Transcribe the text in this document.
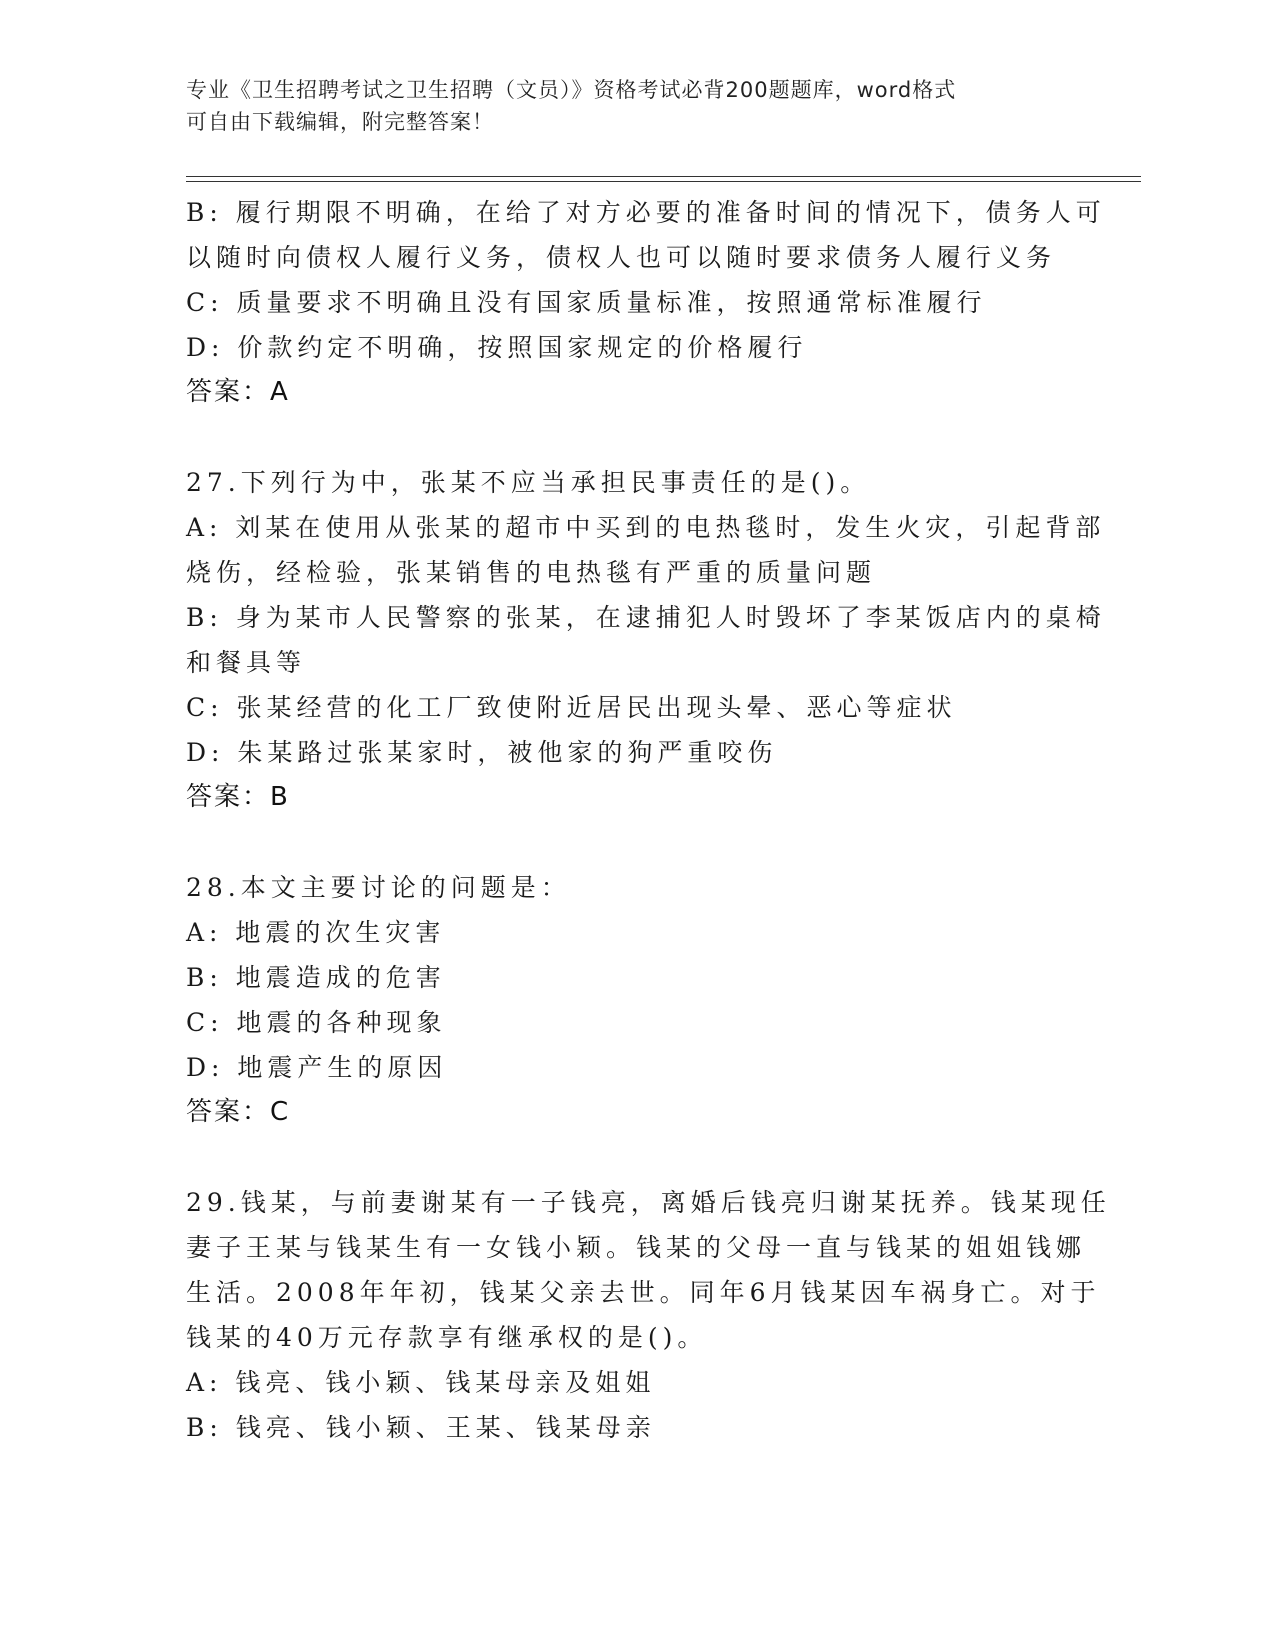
专业《卫生招聘考试之卫生招聘（文员）》资格考试必背200题题库，word格式
可自由下载编辑，附完整答案！
B: 履行期限不明确，在给了对方必要的准备时间的情况下，债务人可
以随时向债权人履行义务，债权人也可以随时要求债务人履行义务
C: 质量要求不明确且没有国家质量标准，按照通常标准履行
D: 价款约定不明确，按照国家规定的价格履行
答案：A
27.下列行为中，张某不应当承担民事责任的是()。
A: 刘某在使用从张某的超市中买到的电热毯时，发生火灾，引起背部
烧伤，经检验，张某销售的电热毯有严重的质量问题
B: 身为某市人民警察的张某，在逮捕犯人时毁坏了李某饭店内的桌椅
和餐具等
C: 张某经营的化工厂致使附近居民出现头晕、恶心等症状
D: 朱某路过张某家时，被他家的狗严重咬伤
答案：B
28.本文主要讨论的问题是：
A: 地震的次生灾害
B: 地震造成的危害
C: 地震的各种现象
D: 地震产生的原因
答案：C
29.钱某，与前妻谢某有一子钱亮，离婚后钱亮归谢某抚养。钱某现任
妻子王某与钱某生有一女钱小颖。钱某的父母一直与钱某的姐姐钱娜
生活。2008年年初，钱某父亲去世。同年6月钱某因车祸身亡。对于
钱某的40万元存款享有继承权的是()。
A: 钱亮、钱小颖、钱某母亲及姐姐
B: 钱亮、钱小颖、王某、钱某母亲
